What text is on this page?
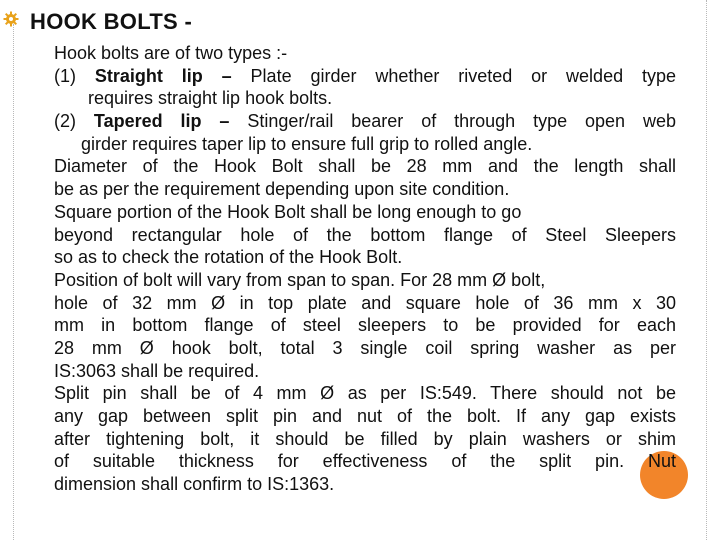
HOOK BOLTS -
Hook bolts are of two types :-
(1) Straight lip – Plate girder whether riveted or welded type
requires straight lip hook bolts.
(2) Tapered lip – Stinger/rail bearer of through type open web
girder requires taper lip to ensure full grip to rolled angle.
Diameter of the Hook Bolt shall be 28 mm and the length shall
be as per the requirement depending upon site condition.
Square portion of the Hook Bolt shall be long enough to go
beyond rectangular hole of the bottom flange of Steel Sleepers
so as to check the rotation of the Hook Bolt.
Position of bolt will vary from span to span. For 28 mm Ø bolt,
hole of 32 mm Ø in top plate and square hole of 36 mm x 30
mm in bottom flange of steel sleepers to be provided for each
28 mm Ø hook bolt, total 3 single coil spring washer as per
IS:3063 shall be required.
Split pin shall be of 4 mm Ø as per IS:549. There should not be
any gap between split pin and nut of the bolt. If any gap exists
after tightening bolt, it should be filled by plain washers or shim
of suitable thickness for effectiveness of the split pin. Nut
dimension shall confirm to IS:1363.
